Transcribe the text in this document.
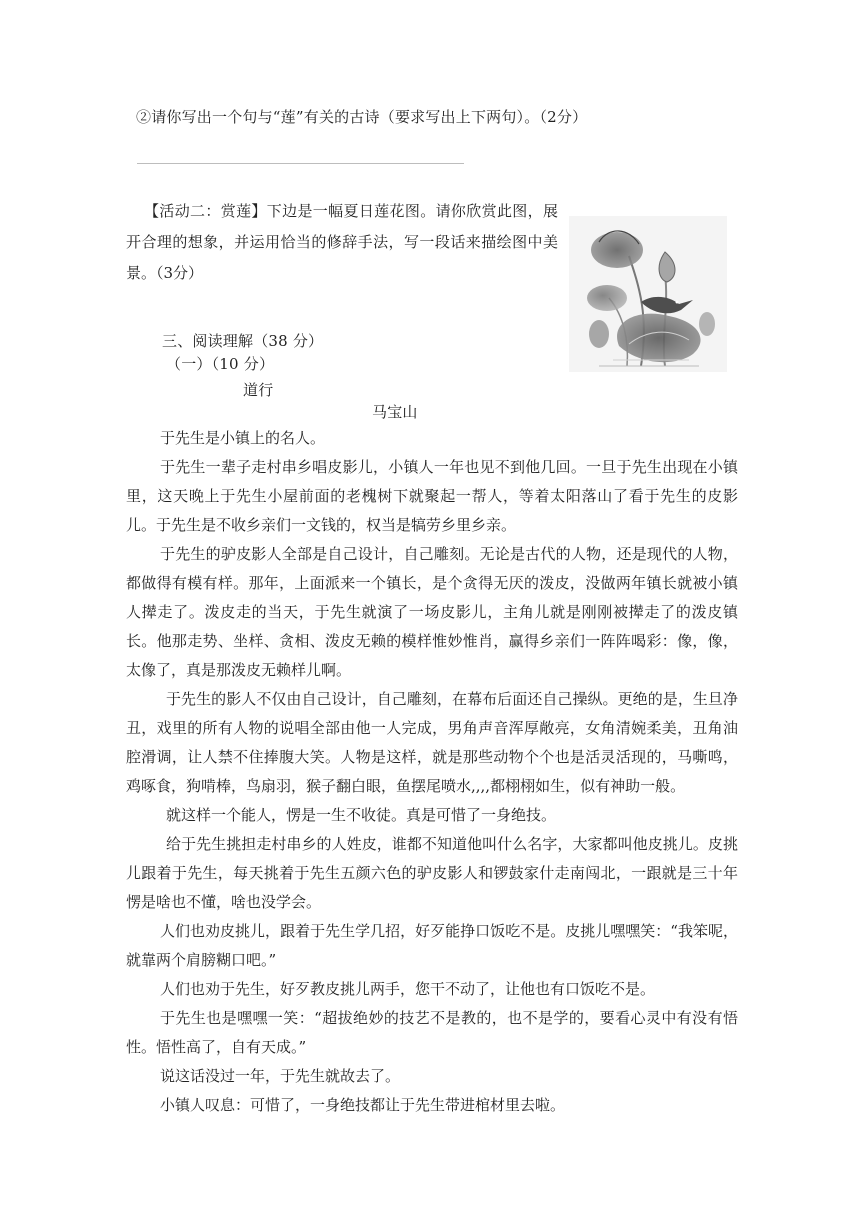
②请你写出一个句与“莲”有关的古诗（要求写出上下两句）。（2分）

【活动二：赏莲】下边是一幅夏日莲花图。请你欣赏此图，展开合理的想象，并运用恰当的修辞手法，写一段话来描绘图中美景。（3分）

三、阅读理解（38 分）
（一）（10 分）
道行
马宝山

于先生是小镇上的名人。

于先生一辈子走村串乡唱皮影儿，小镇人一年也见不到他几回。一旦于先生出现在小镇里，这天晚上于先生小屋前面的老槐树下就聚起一帮人，等着太阳落山了看于先生的皮影儿。于先生是不收乡亲们一文钱的，权当是犒劳乡里乡亲。

于先生的驴皮影人全部是自己设计，自己雕刻。无论是古代的人物，还是现代的人物，都做得有模有样。那年，上面派来一个镇长，是个贪得无厌的泼皮，没做两年镇长就被小镇人撵走了。泼皮走的当天，于先生就演了一场皮影儿，主角儿就是刚刚被撵走了的泼皮镇长。他那走势、坐样、贪相、泼皮无赖的模样惟妙惟肖，赢得乡亲们一阵阵喝彩：像，像，太像了，真是那泼皮无赖样儿啊。

于先生的影人不仅由自己设计，自己雕刻，在幕布后面还自己操纵。更绝的是，生旦净丑，戏里的所有人物的说唱全部由他一人完成，男角声音浑厚敞亮，女角清婉柔美，丑角油腔滑调，让人禁不住捧腹大笑。人物是这样，就是那些动物个个也是活灵活现的，马嘶鸣，鸡啄食，狗啃棒，鸟扇羽，猴子翻白眼，鱼摆尾喷水,,,,都栩栩如生，似有神助一般。

就这样一个能人，愣是一生不收徒。真是可惜了一身绝技。

给于先生挑担走村串乡的人姓皮，谁都不知道他叫什么名字，大家都叫他皮挑儿。皮挑儿跟着于先生，每天挑着于先生五颜六色的驴皮影人和锣鼓家什走南闯北，一跟就是三十年愣是啥也不懂，啥也没学会。

人们也劝皮挑儿，跟着于先生学几招，好歹能挣口饭吃不是。皮挑儿嘿嘿笑：“我笨呢，就靠两个肩膀糊口吧。”

人们也劝于先生，好歹教皮挑儿两手，您干不动了，让他也有口饭吃不是。

于先生也是嘿嘿一笑：“超拔绝妙的技艺不是教的，也不是学的，要看心灵中有没有悟性。悟性高了，自有天成。”

说这话没过一年，于先生就故去了。

小镇人叹息：可惜了，一身绝技都让于先生带进棺材里去啦。
